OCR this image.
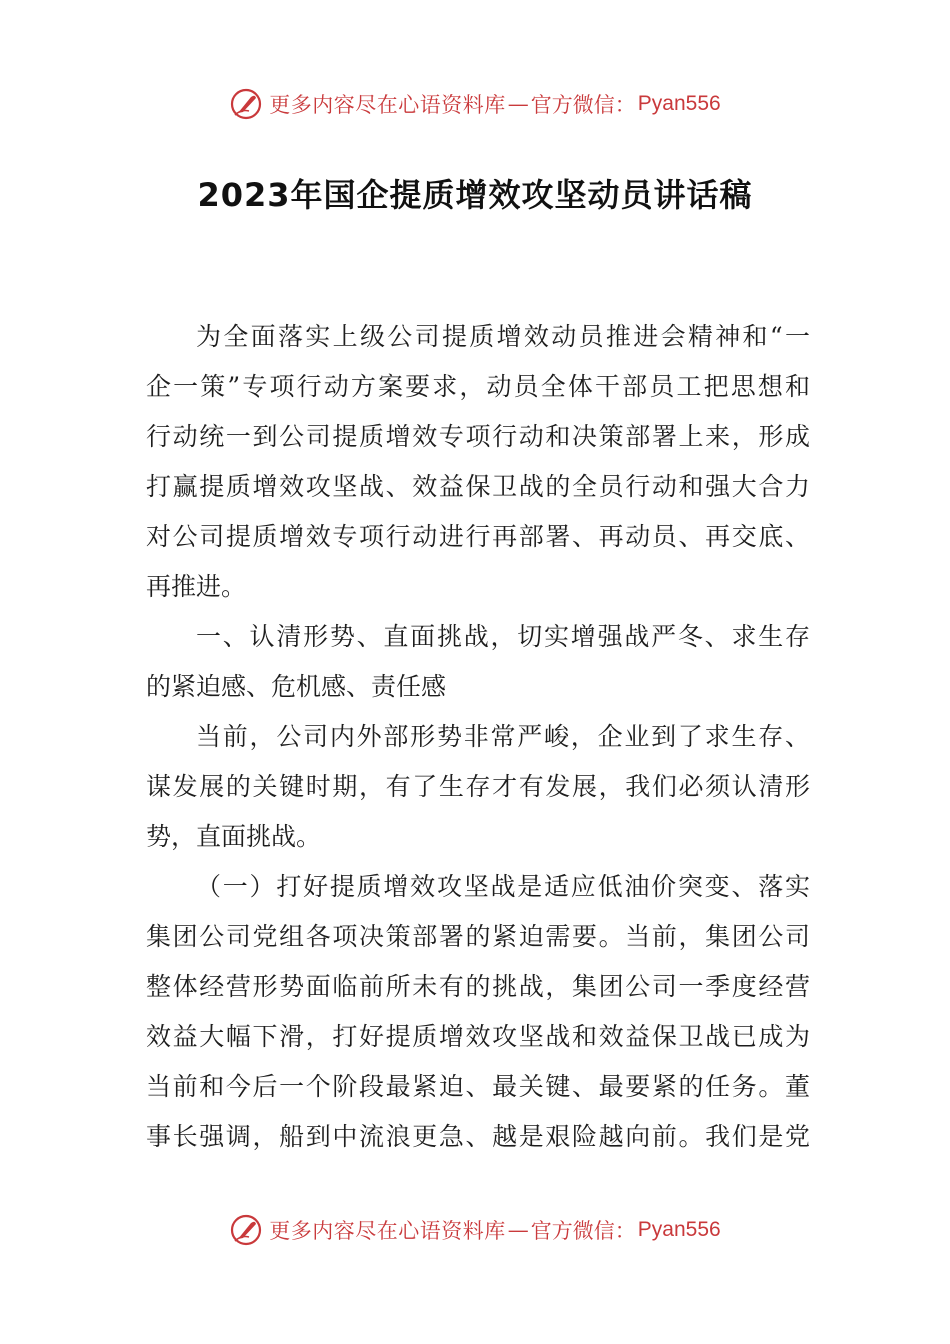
更多内容尽在心语资料库 — 官方微信： Pyan556
2023年国企提质增效攻坚动员讲话稿
为全面落实上级公司提质增效动员推进会精神和“一
企一策”专项行动方案要求，动员全体干部员工把思想和
行动统一到公司提质增效专项行动和决策部署上来，形成
打赢提质增效攻坚战、效益保卫战的全员行动和强大合力
对公司提质增效专项行动进行再部署、再动员、再交底、
再推进。
一、认清形势、直面挑战，切实增强战严冬、求生存
的紧迫感、危机感、责任感
当前，公司内外部形势非常严峻，企业到了求生存、
谋发展的关键时期，有了生存才有发展，我们必须认清形
势，直面挑战。
（一）打好提质增效攻坚战是适应低油价突变、落实
集团公司党组各项决策部署的紧迫需要。当前，集团公司
整体经营形势面临前所未有的挑战，集团公司一季度经营
效益大幅下滑，打好提质增效攻坚战和效益保卫战已成为
当前和今后一个阶段最紧迫、最关键、最要紧的任务。董
事长强调，船到中流浪更急、越是艰险越向前。我们是党
更多内容尽在心语资料库 — 官方微信： Pyan556
